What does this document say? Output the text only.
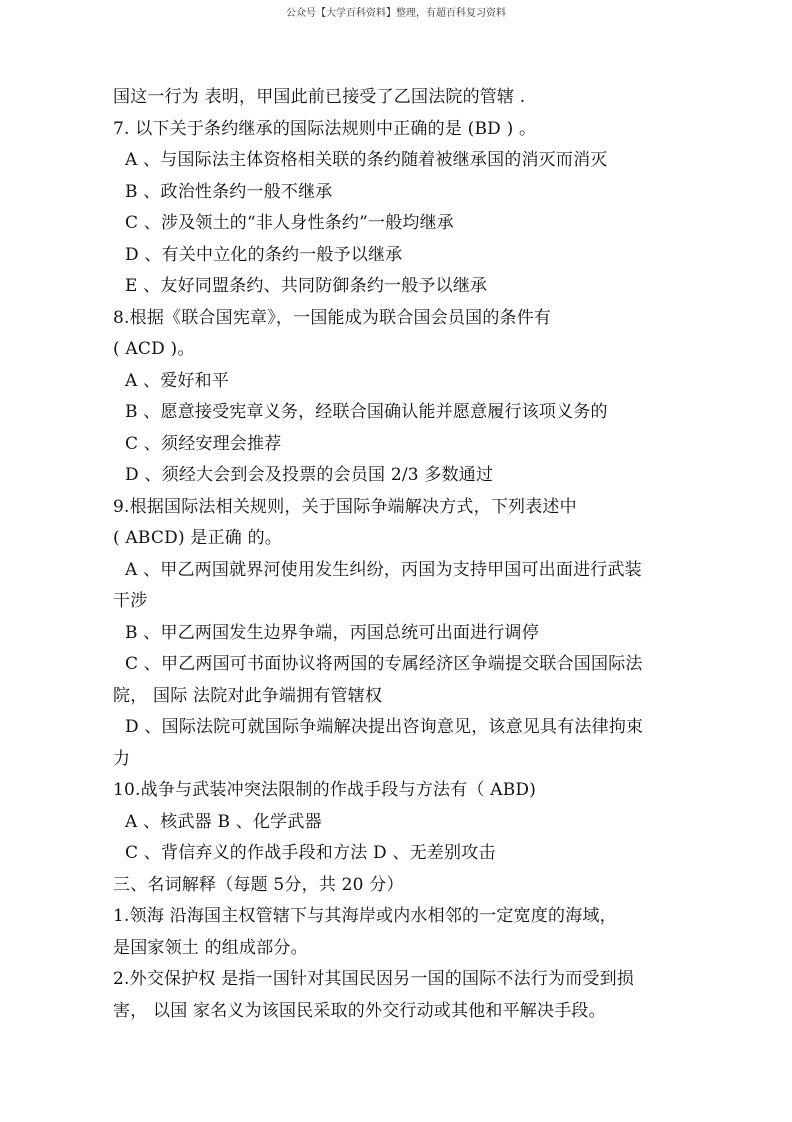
公众号【大学百科资料】整理，有超百科复习资料
国这一行为 表明，甲国此前已接受了乙国法院的管辖 .
7. 以下关于条约继承的国际法规则中正确的是 (BD ) 。
A 、与国际法主体资格相关联的条约随着被继承国的消灭而消灭
B 、政治性条约一般不继承
C 、涉及领土的“非人身性条约”一般均继承
D 、有关中立化的条约一般予以继承
E 、友好同盟条约、共同防御条约一般予以继承
8.根据《联合国宪章》，一国能成为联合国会员国的条件有
( ACD )。
A 、爱好和平
B 、愿意接受宪章义务，经联合国确认能并愿意履行该项义务的
C 、须经安理会推荐
D 、须经大会到会及投票的会员国 2/3 多数通过
9.根据国际法相关规则，关于国际争端解决方式，下列表述中
( ABCD) 是正确 的。
A 、甲乙两国就界河使用发生纠纷，丙国为支持甲国可出面进行武装
干涉
B 、甲乙两国发生边界争端，丙国总统可出面进行调停
C 、甲乙两国可书面协议将两国的专属经济区争端提交联合国国际法
院， 国际 法院对此争端拥有管辖权
D 、国际法院可就国际争端解决提出咨询意见，该意见具有法律拘束
力
10.战争与武装冲突法限制的作战手段与方法有（ ABD)
A 、核武器 B 、化学武器
C 、背信弃义的作战手段和方法 D 、无差别攻击
三、名词解释（每题 5分，共 20 分）
1.领海 沿海国主权管辖下与其海岸或内水相邻的一定宽度的海域，
是国家领土 的组成部分。
2.外交保护权 是指一国针对其国民因另一国的国际不法行为而受到损
害， 以国 家名义为该国民采取的外交行动或其他和平解决手段。
